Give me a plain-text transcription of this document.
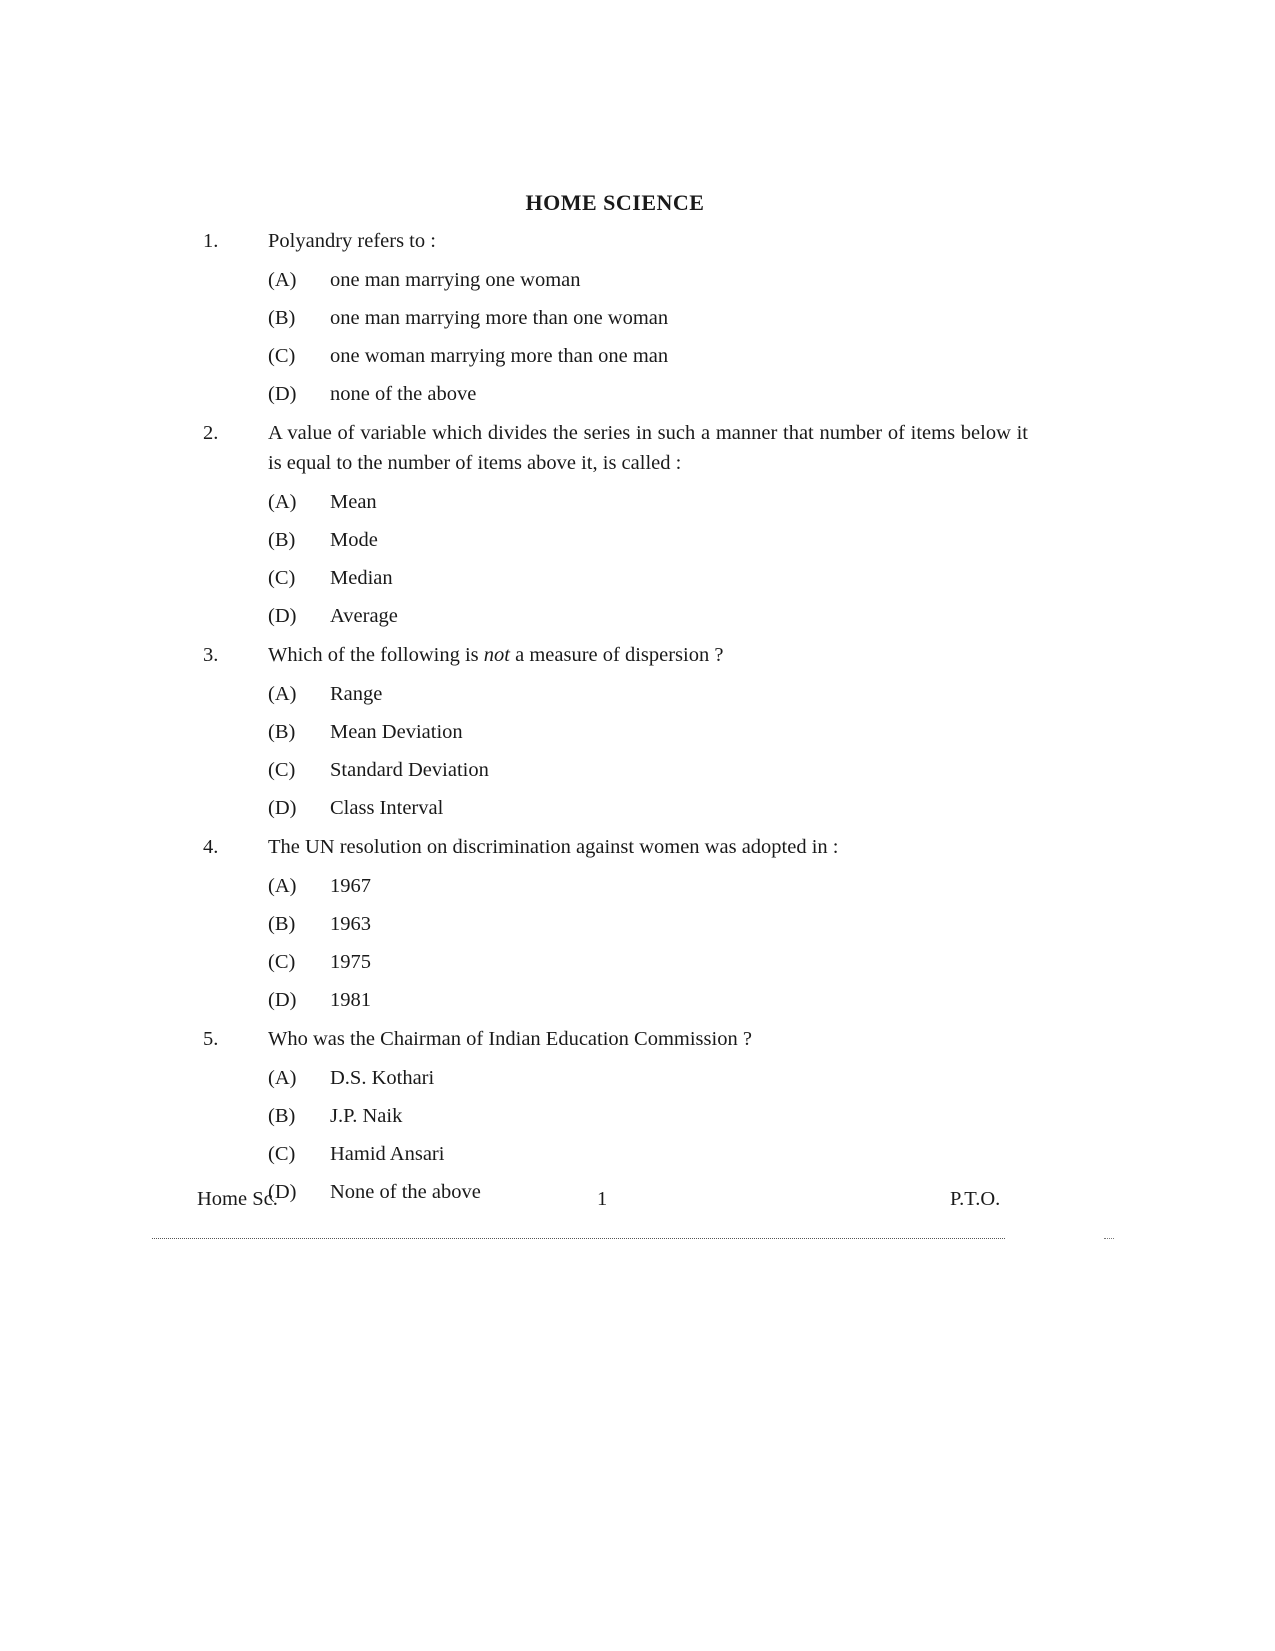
HOME SCIENCE
1. Polyandry refers to :
(A)	one man marrying one woman
(B)	one man marrying more than one woman
(C)	one woman marrying more than one man
(D)	none of the above
2. A value of variable which divides the series in such a manner that number of items below it is equal to the number of items above it, is called :
(A)	Mean
(B)	Mode
(C)	Median
(D)	Average
3. Which of the following is not a measure of dispersion ?
(A)	Range
(B)	Mean Deviation
(C)	Standard Deviation
(D)	Class Interval
4. The UN resolution on discrimination against women was adopted in :
(A)	1967
(B)	1963
(C)	1975
(D)	1981
5. Who was the Chairman of Indian Education Commission ?
(A)	D.S. Kothari
(B)	J.P. Naik
(C)	Hamid Ansari
(D)	None of the above
Home Sc.	1	P.T.O.
